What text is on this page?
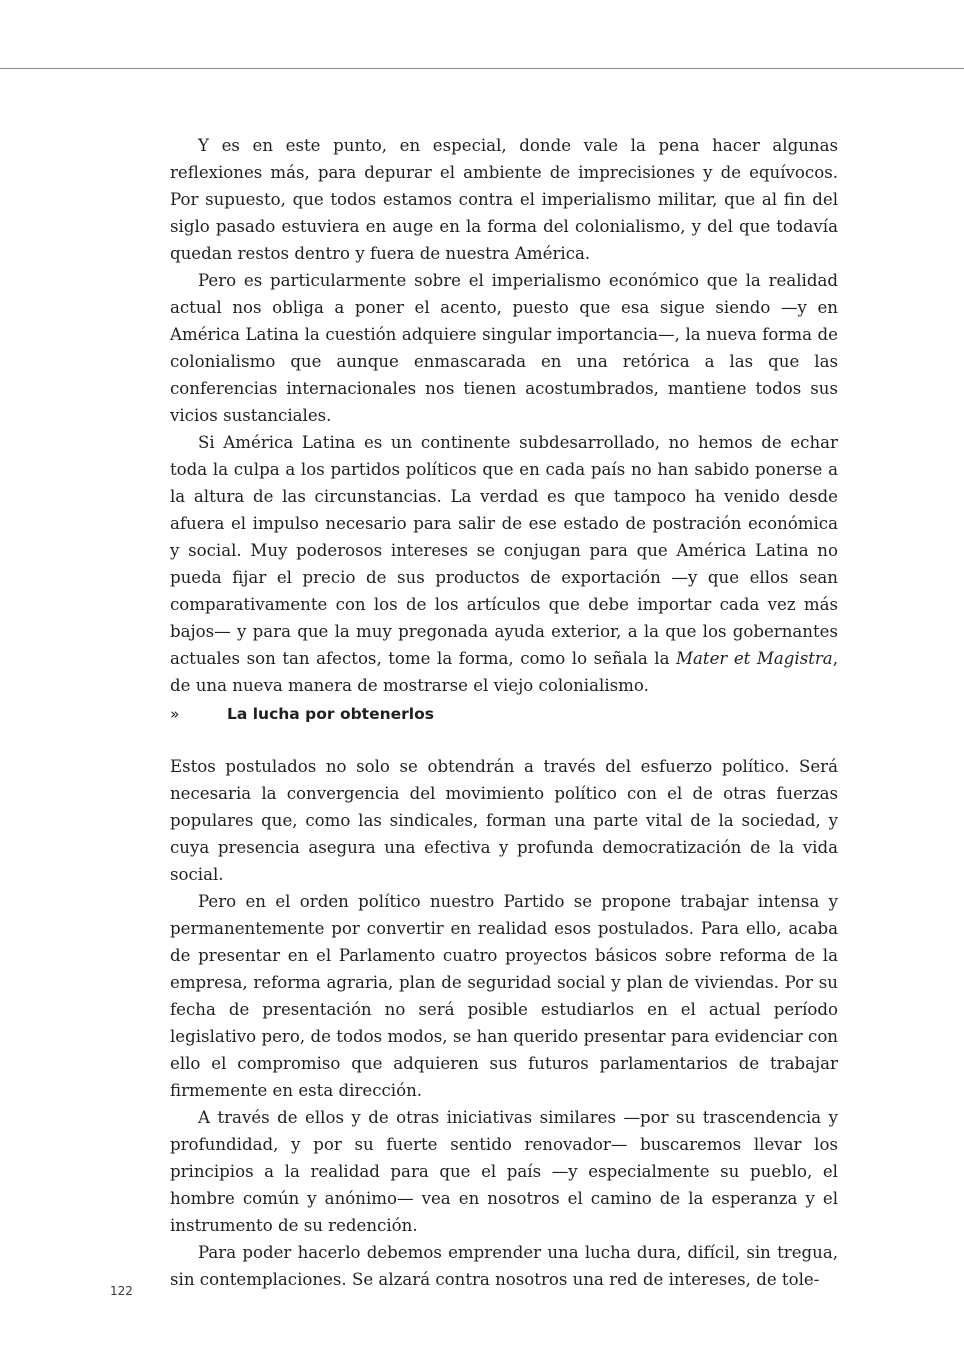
Y es en este punto, en especial, donde vale la pena hacer algunas reflexiones más, para depurar el ambiente de imprecisiones y de equívocos. Por supuesto, que todos estamos contra el imperialismo militar, que al fin del siglo pasado estuviera en auge en la forma del colonialismo, y del que todavía quedan restos dentro y fuera de nuestra América.

Pero es particularmente sobre el imperialismo económico que la realidad actual nos obliga a poner el acento, puesto que esa sigue siendo —y en América Latina la cuestión adquiere singular importancia—, la nueva forma de colonialismo que aunque enmascarada en una retórica a las que las conferencias internacionales nos tienen acostumbrados, mantiene todos sus vicios sustanciales.

Si América Latina es un continente subdesarrollado, no hemos de echar toda la culpa a los partidos políticos que en cada país no han sabido ponerse a la altura de las circunstancias. La verdad es que tampoco ha venido desde afuera el impulso necesario para salir de ese estado de postración económica y social. Muy poderosos intereses se conjugan para que América Latina no pueda fijar el precio de sus productos de exportación —y que ellos sean comparativamente con los de los artículos que debe importar cada vez más bajos— y para que la muy pregonada ayuda exterior, a la que los gobernantes actuales son tan afectos, tome la forma, como lo señala la Mater et Magistra, de una nueva manera de mostrarse el viejo colonialismo.

»	La lucha por obtenerlos

Estos postulados no solo se obtendrán a través del esfuerzo político. Será necesaria la convergencia del movimiento político con el de otras fuerzas populares que, como las sindicales, forman una parte vital de la sociedad, y cuya presencia asegura una efectiva y profunda democratización de la vida social.

Pero en el orden político nuestro Partido se propone trabajar intensa y permanentemente por convertir en realidad esos postulados. Para ello, acaba de presentar en el Parlamento cuatro proyectos básicos sobre reforma de la empresa, reforma agraria, plan de seguridad social y plan de viviendas. Por su fecha de presentación no será posible estudiarlos en el actual período legislativo pero, de todos modos, se han querido presentar para evidenciar con ello el compromiso que adquieren sus futuros parlamentarios de trabajar firmemente en esta dirección.

A través de ellos y de otras iniciativas similares —por su trascendencia y profundidad, y por su fuerte sentido renovador— buscaremos llevar los principios a la realidad para que el país —y especialmente su pueblo, el hombre común y anónimo— vea en nosotros el camino de la esperanza y el instrumento de su redención.

Para poder hacerlo debemos emprender una lucha dura, difícil, sin tregua, sin contemplaciones. Se alzará contra nosotros una red de intereses, de tole-

122
